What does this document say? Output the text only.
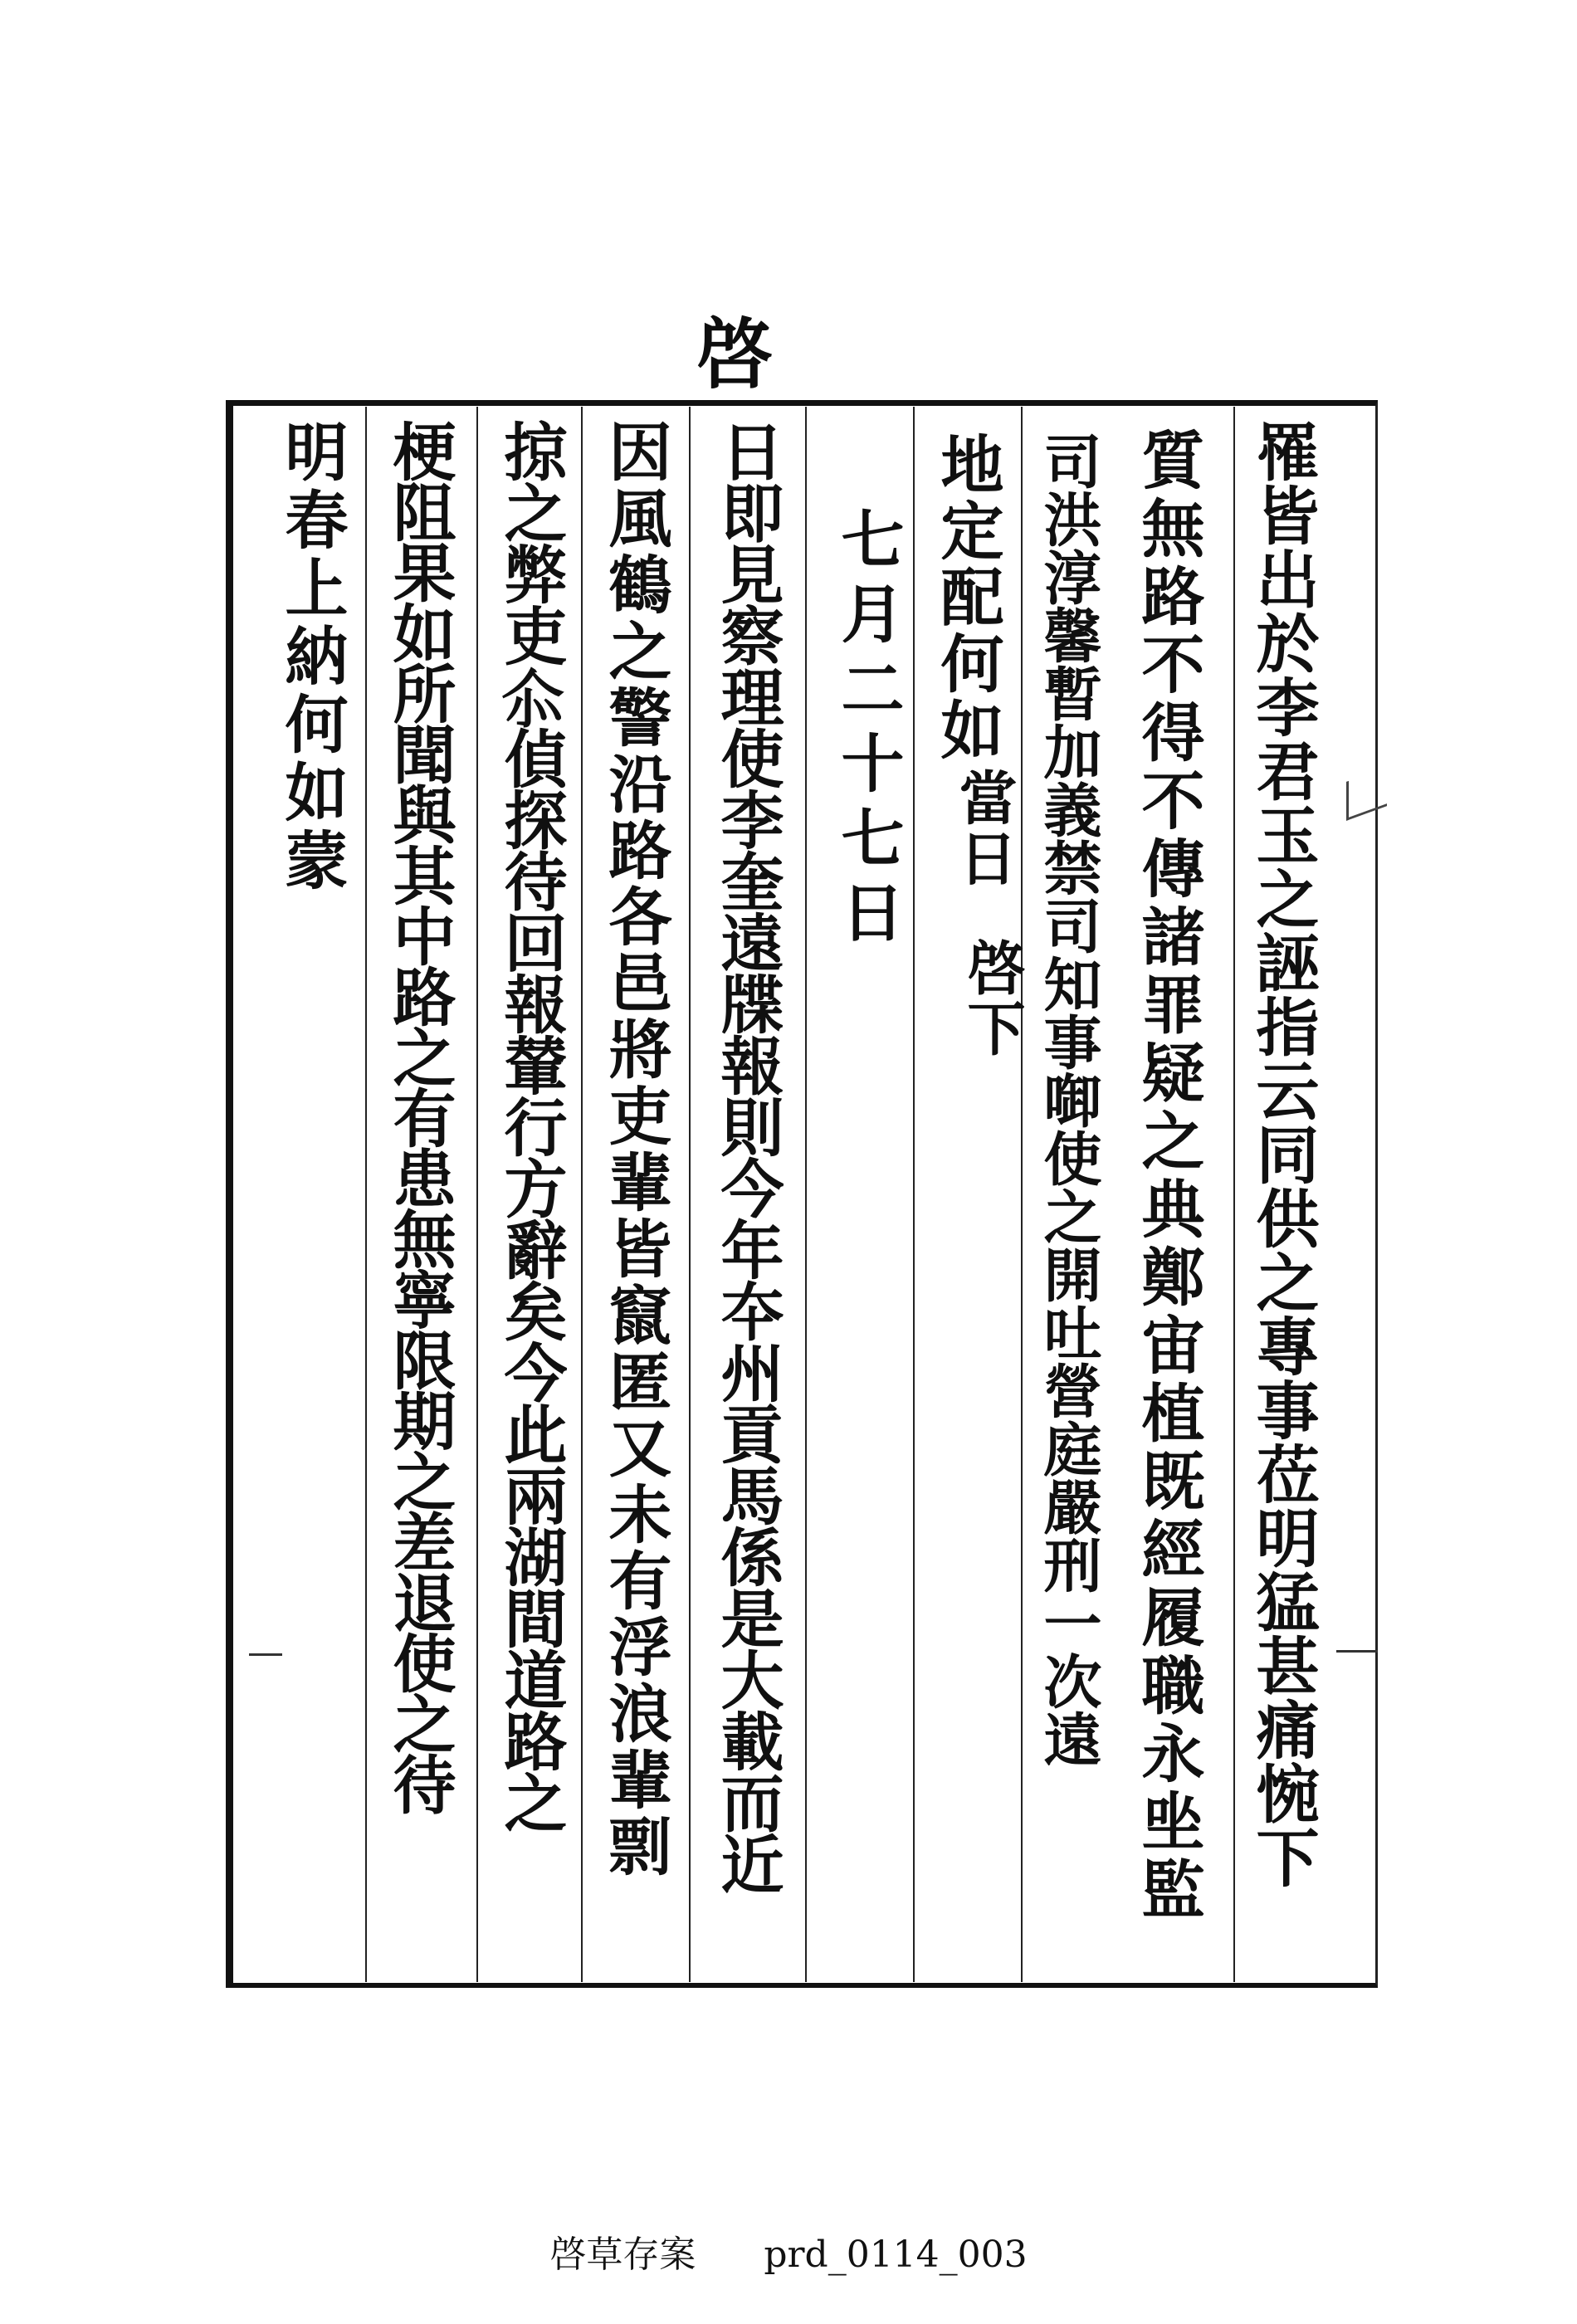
啓
罹皆出於李君玉之誣指云同供之專事莅明猛甚痛惋下
質無路不得不傳諸罪疑之典鄭宙植既經履職永㘴監
司洪淳馨暫加義禁司知事啣使之開吐營庭嚴刑一次遠
地定配何如
當日
啓下
七月二十七日
日即見察理使李奎遠牒報則今年夲州貢馬係是大載而近
因風鶴之警沿路各邑將吏輩皆竄匿又未有浮浪輩剽
掠之弊吏𠇍偵探待回報輦行方辭矣今此兩湖間道路之
梗阻果如所聞與其中路之有患無寧限期之差退使之待
明春上納何如蒙
啓草存案 prd_0114_003
